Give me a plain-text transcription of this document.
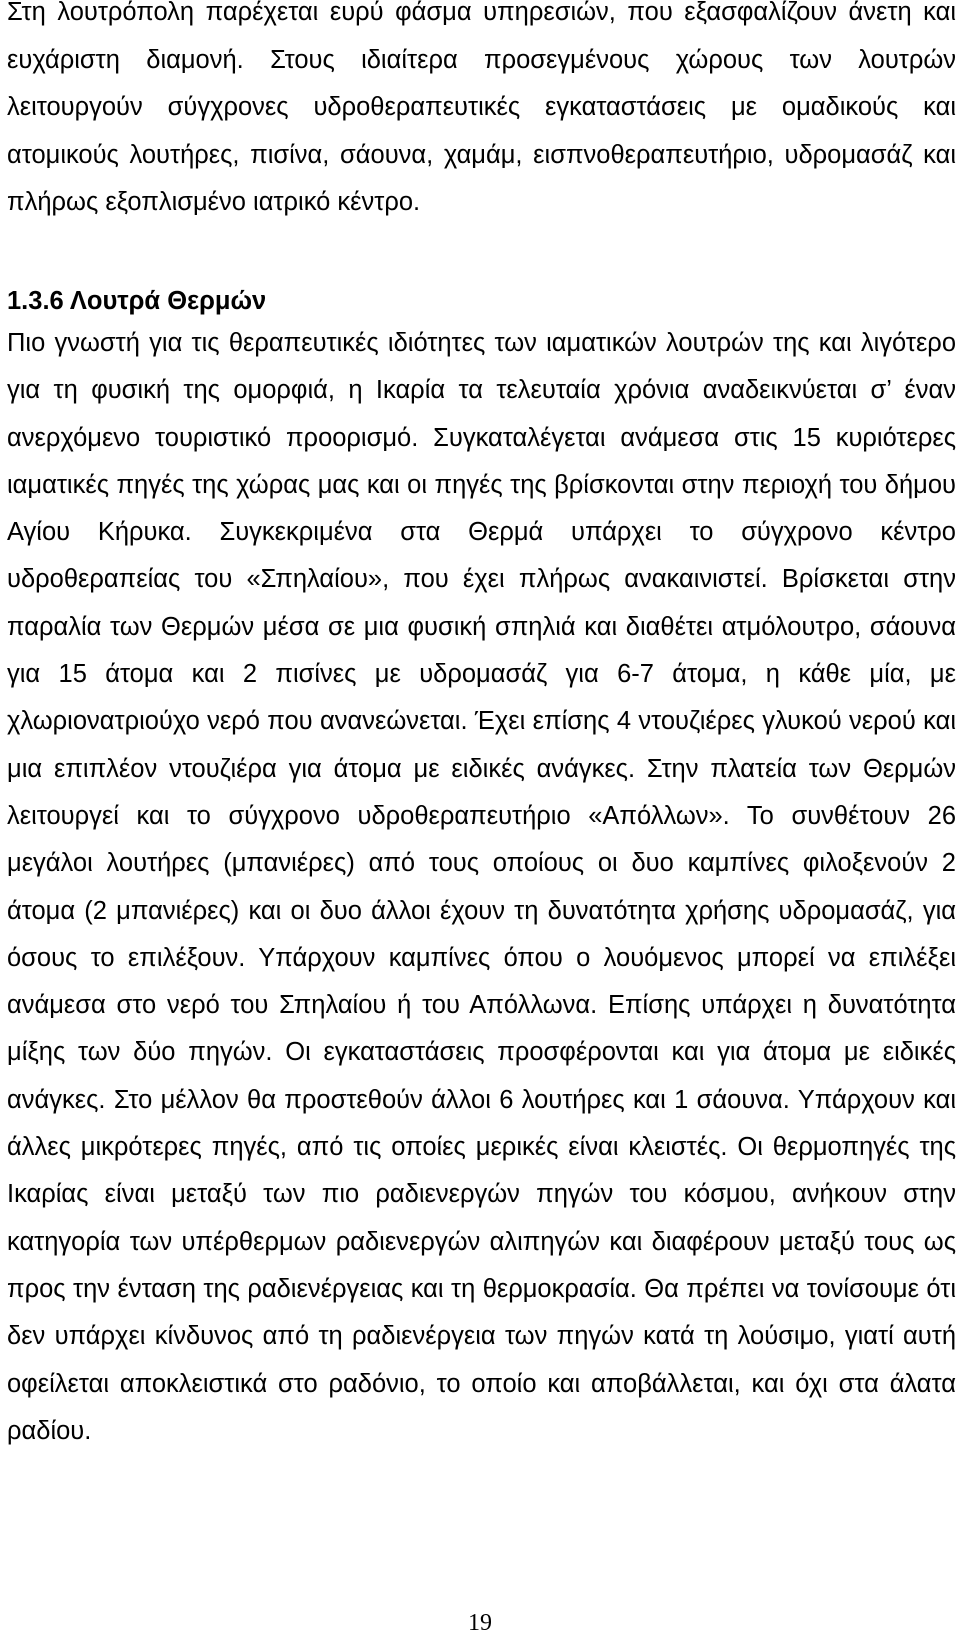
Στη λουτρόπολη παρέχεται ευρύ φάσμα υπηρεσιών, που εξασφαλίζουν άνετη και ευχάριστη διαμονή. Στους ιδιαίτερα προσεγμένους χώρους των λουτρών λειτουργούν σύγχρονες υδροθεραπευτικές εγκαταστάσεις με ομαδικούς και ατομικούς λουτήρες, πισίνα, σάουνα, χαμάμ, εισπνοθεραπευτήριο, υδρομασάζ και πλήρως εξοπλισμένο ιατρικό κέντρο.

1.3.6 Λουτρά Θερμών

Πιο γνωστή για τις θεραπευτικές ιδιότητες των ιαματικών λουτρών της και λιγότερο για τη φυσική της ομορφιά, η Ικαρία τα τελευταία χρόνια αναδεικνύεται σ’ έναν ανερχόμενο τουριστικό προορισμό. Συγκαταλέγεται ανάμεσα στις 15 κυριότερες ιαματικές πηγές της χώρας μας και οι πηγές της βρίσκονται στην περιοχή του δήμου Αγίου Κήρυκα. Συγκεκριμένα στα Θερμά υπάρχει το σύγχρονο κέντρο υδροθεραπείας του «Σπηλαίου», που έχει πλήρως ανακαινιστεί. Βρίσκεται στην παραλία των Θερμών μέσα σε μια φυσική σπηλιά και διαθέτει ατμόλουτρο, σάουνα για 15 άτομα και 2 πισίνες με υδρομασάζ για 6-7 άτομα, η κάθε μία, με χλωριονατριούχο νερό που ανανεώνεται. Έχει επίσης 4 ντουζιέρες γλυκού νερού και μια επιπλέον ντουζιέρα για άτομα με ειδικές ανάγκες. Στην πλατεία των Θερμών λειτουργεί και το σύγχρονο υδροθεραπευτήριο «Απόλλων». Το συνθέτουν 26 μεγάλοι λουτήρες (μπανιέρες) από τους οποίους οι δυο καμπίνες φιλοξενούν 2 άτομα (2 μπανιέρες) και οι δυο άλλοι έχουν τη δυνατότητα χρήσης υδρομασάζ, για όσους το επιλέξουν. Υπάρχουν καμπίνες όπου ο λουόμενος μπορεί να επιλέξει ανάμεσα στο νερό του Σπηλαίου ή του Απόλλωνα. Επίσης υπάρχει η δυνατότητα μίξης των δύο πηγών. Οι εγκαταστάσεις προσφέρονται και για άτομα με ειδικές ανάγκες. Στο μέλλον θα προστεθούν άλλοι 6 λουτήρες και 1 σάουνα. Υπάρχουν και άλλες μικρότερες πηγές, από τις οποίες μερικές είναι κλειστές. Οι θερμοπηγές της Ικαρίας είναι μεταξύ των πιο ραδιενεργών πηγών του κόσμου, ανήκουν στην κατηγορία των υπέρθερμων ραδιενεργών αλιπηγών και διαφέρουν μεταξύ τους ως προς την ένταση της ραδιενέργειας και τη θερμοκρασία. Θα πρέπει να τονίσουμε ότι δεν υπάρχει κίνδυνος από τη ραδιενέργεια των πηγών κατά τη λούσιμο, γιατί αυτή οφείλεται αποκλειστικά στο ραδόνιο, το οποίο και αποβάλλεται, και όχι στα άλατα ραδίου.

19
